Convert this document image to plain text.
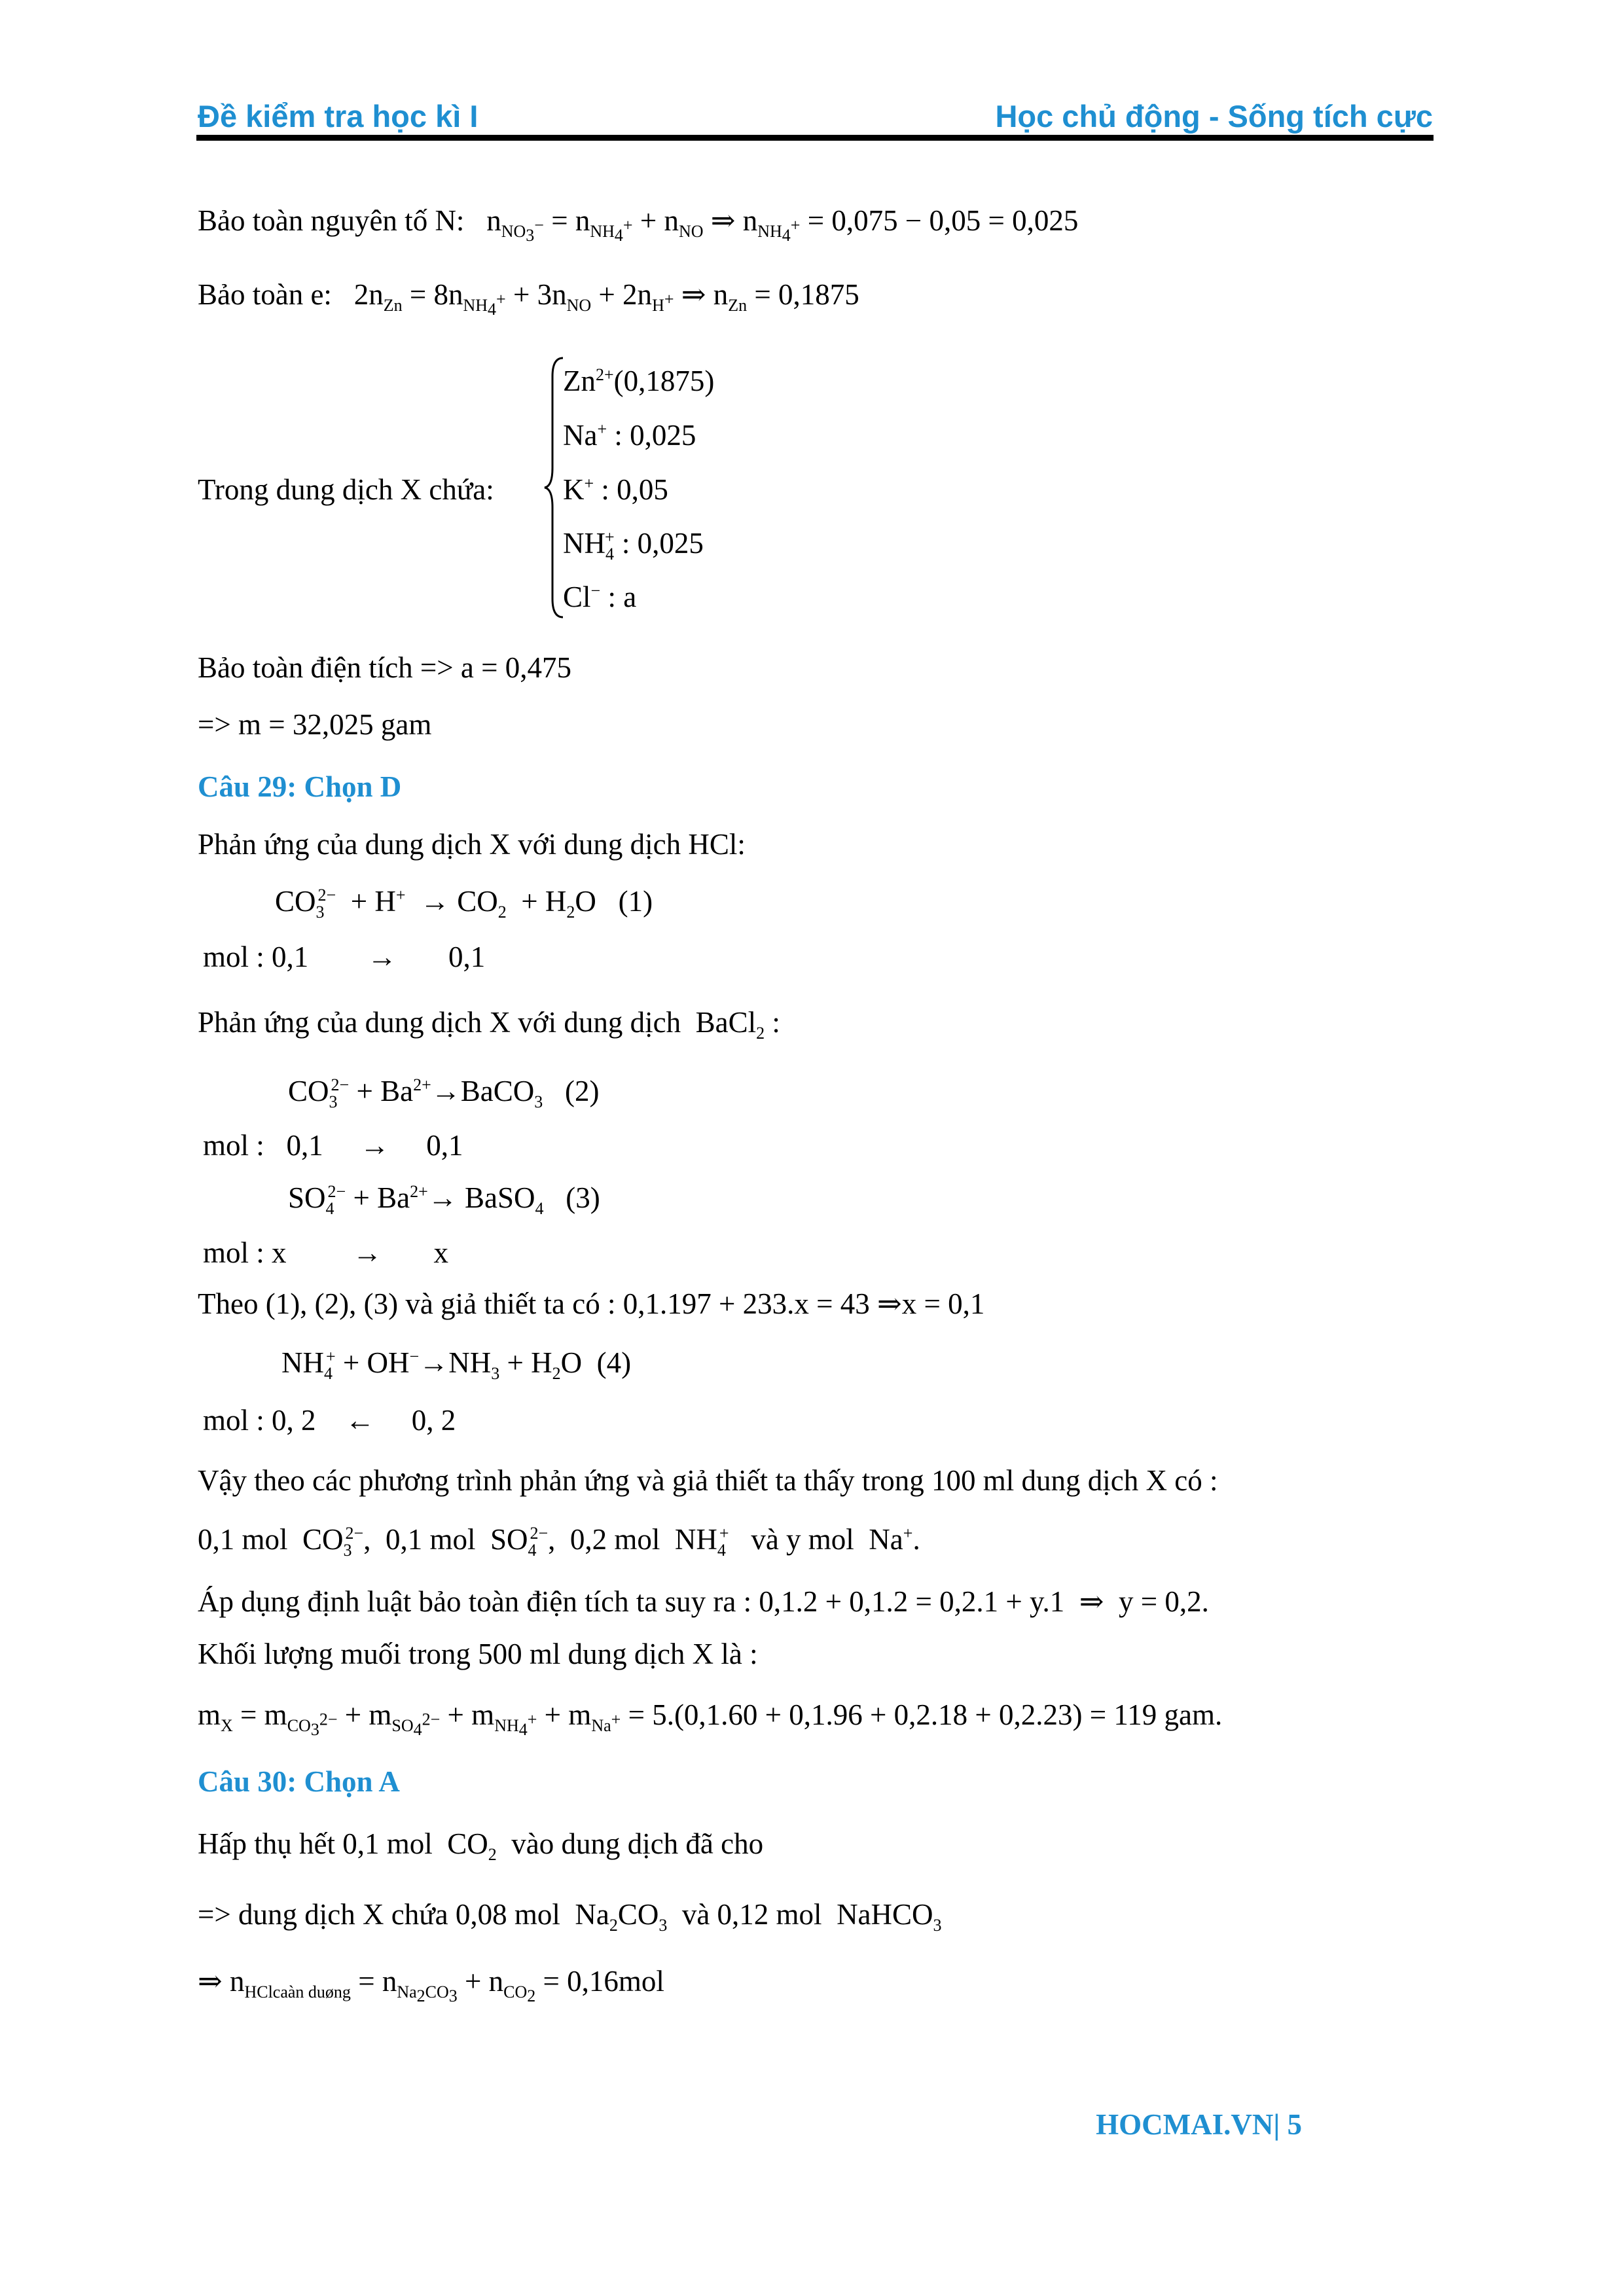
Đề kiểm tra học kì I	Học chủ động - Sống tích cực
Bảo toàn nguyên tố N:   $n_{NO_3^-} = n_{NH_4^+} + n_{NO}$ ⇒ $n_{NH_4^+} = 0,075 - 0,05 = 0,025$
Bảo toàn e:   $2n_{Zn} = 8n_{NH_4^+} + 3n_{NO} + 2n_{H^+}$ ⇒ $n_{Zn} = 0,1875$
$Zn^{2+}(0,1875)$
Na+ : 0,025
K+ : 0,05
Trong dung dịch X chứa:
$NH_4^+$ : 0,025
Cl− : a
Bảo toàn điện tích => a = 0,475
=> m = 32,025 gam
Câu 29: Chọn D
Phản ứng của dung dịch X với dung dịch HCl:
$CO_3^{2-} + H^+ \to CO_2 + H_2O$   (1)
mol : 0,1        →       0,1
Phản ứng của dung dịch X với dung dịch  BaCl$_2$ :
$CO_3^{2-}$ + $Ba^{2+}\to BaCO_3$   (2)
mol :   0,1     →     0,1
$SO_4^{2-} + Ba^{2+}\to$ BaSO$_4$   (3)
mol : x         →       x
Theo (1), (2), (3) và giả thiết ta có : 0,1.197 + 233.x = 43 ⇒x = 0,1
$NH_4^+ + OH^-\to NH_3 + H_2O$  (4)
mol : 0, 2    ←     0, 2
Vậy theo các phương trình phản ứng và giả thiết ta thấy trong 100 ml dung dịch X có :
0,1 mol  $CO_3^{2-}$,  0,1 mol  $SO_4^{2-}$,  0,2 mol  $NH_4^+$   và y mol  Na+.
Áp dụng định luật bảo toàn điện tích ta suy ra : 0,1.2 + 0,1.2 = 0,2.1 + y.1  ⇒  y = 0,2.
Khối lượng muối trong 500 ml dung dịch X là :
$m_X = m_{CO_3^{2-}} + m_{SO_4^{2-}} + m_{NH_4^+} + m_{Na^+} = 5.(0,1.60 + 0,1.96 + 0,2.18 + 0,2.23) = 119$ gam.
Câu 30: Chọn A
Hấp thụ hết 0,1 mol  $CO_2$ vào dung dịch đã cho
=> dung dịch X chứa 0,08 mol  $Na_2CO_3$ và 0,12 mol  NaHCO$_3$
⇒ $n_{HClcaàn duøng} = n_{Na_2CO_3} + n_{CO_2} = 0,16mol$
HOCMAI.VN| 5
